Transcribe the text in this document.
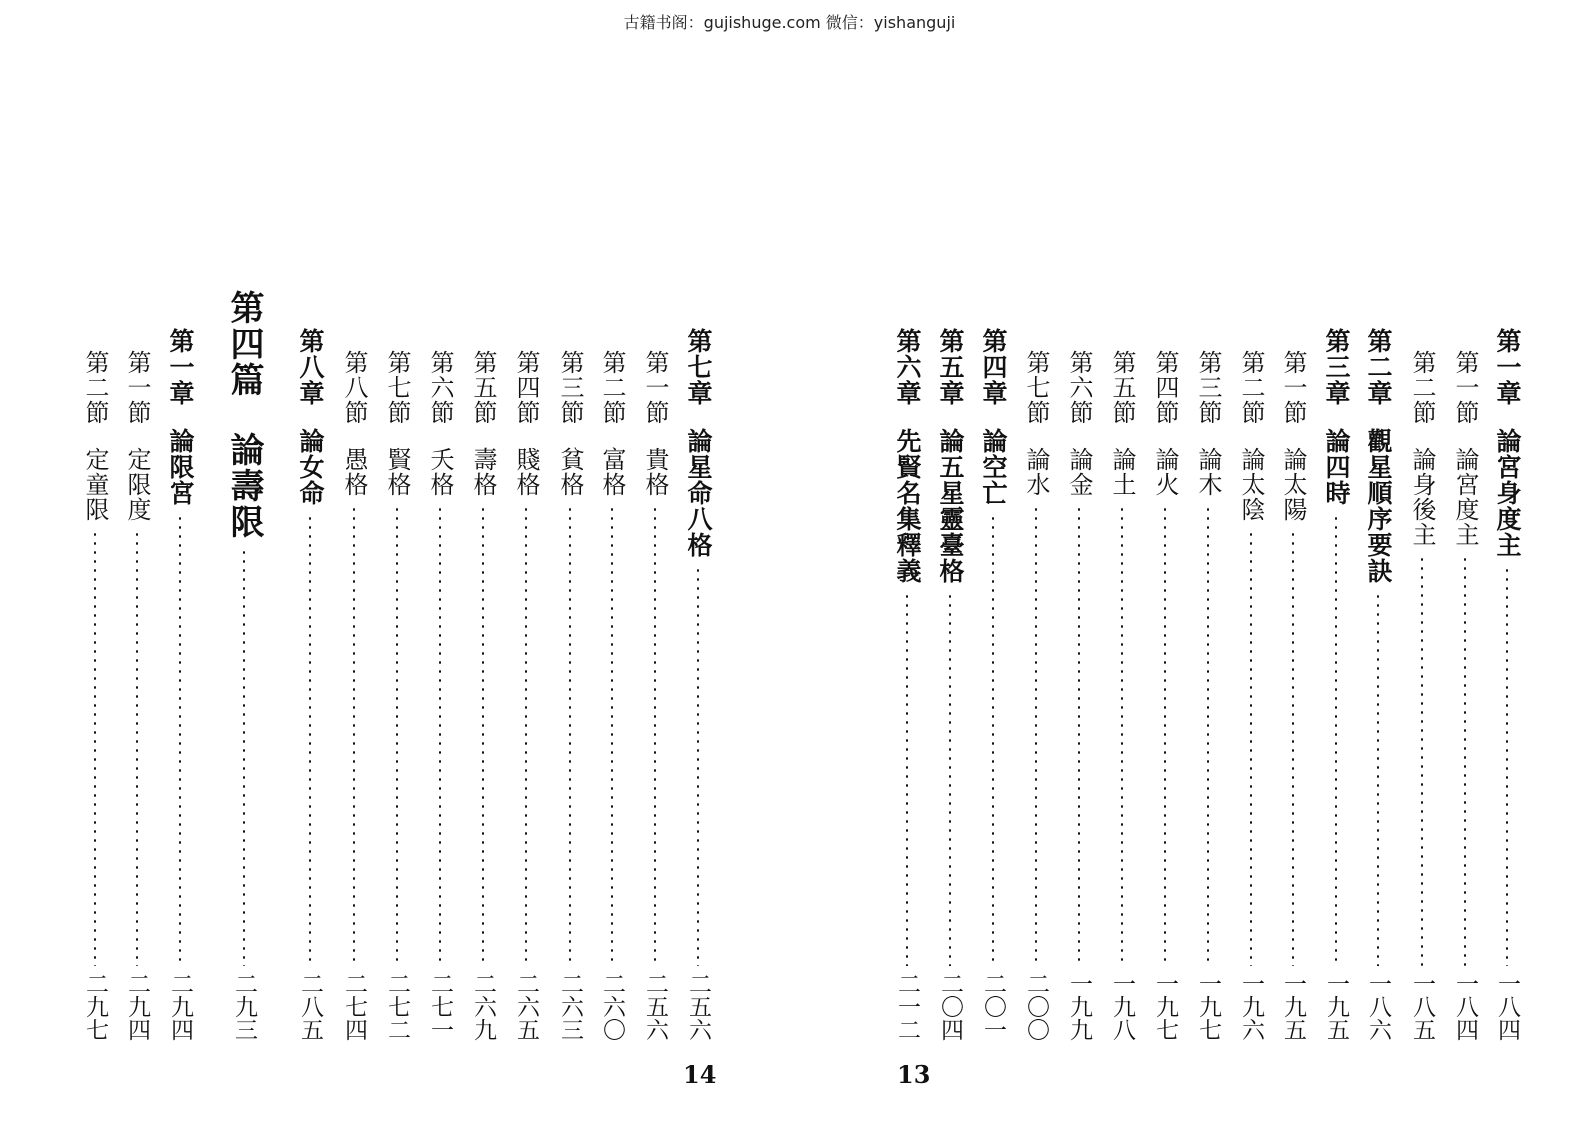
古籍书阁：gujishuge.com 微信：yishanguji
14
第七章論星命八格
二五六
第一節貴格
二五六
第二節富格
二六〇
第三節貧格
二六三
第四節賤格
二六五
第五節壽格
二六九
第六節夭格
二七一
第七節賢格
二七二
第八節愚格
二七四
第八章論女命
二八五
第四篇論壽限
二九三
第一章論限宮
二九四
第一節定限度
二九四
第二節定童限
二九七
13
第一章論宮身度主
一八四
第一節論宮度主
一八四
第二節論身後主
一八五
第二章觀星順序要訣
一八六
第三章論四時
一九五
第一節論太陽
一九五
第二節論太陰
一九六
第三節論木
一九七
第四節論火
一九七
第五節論土
一九八
第六節論金
一九九
第七節論水
二〇〇
第四章論空亡
二〇一
第五章論五星靈臺格
二〇四
第六章先賢名集釋義
二一二
